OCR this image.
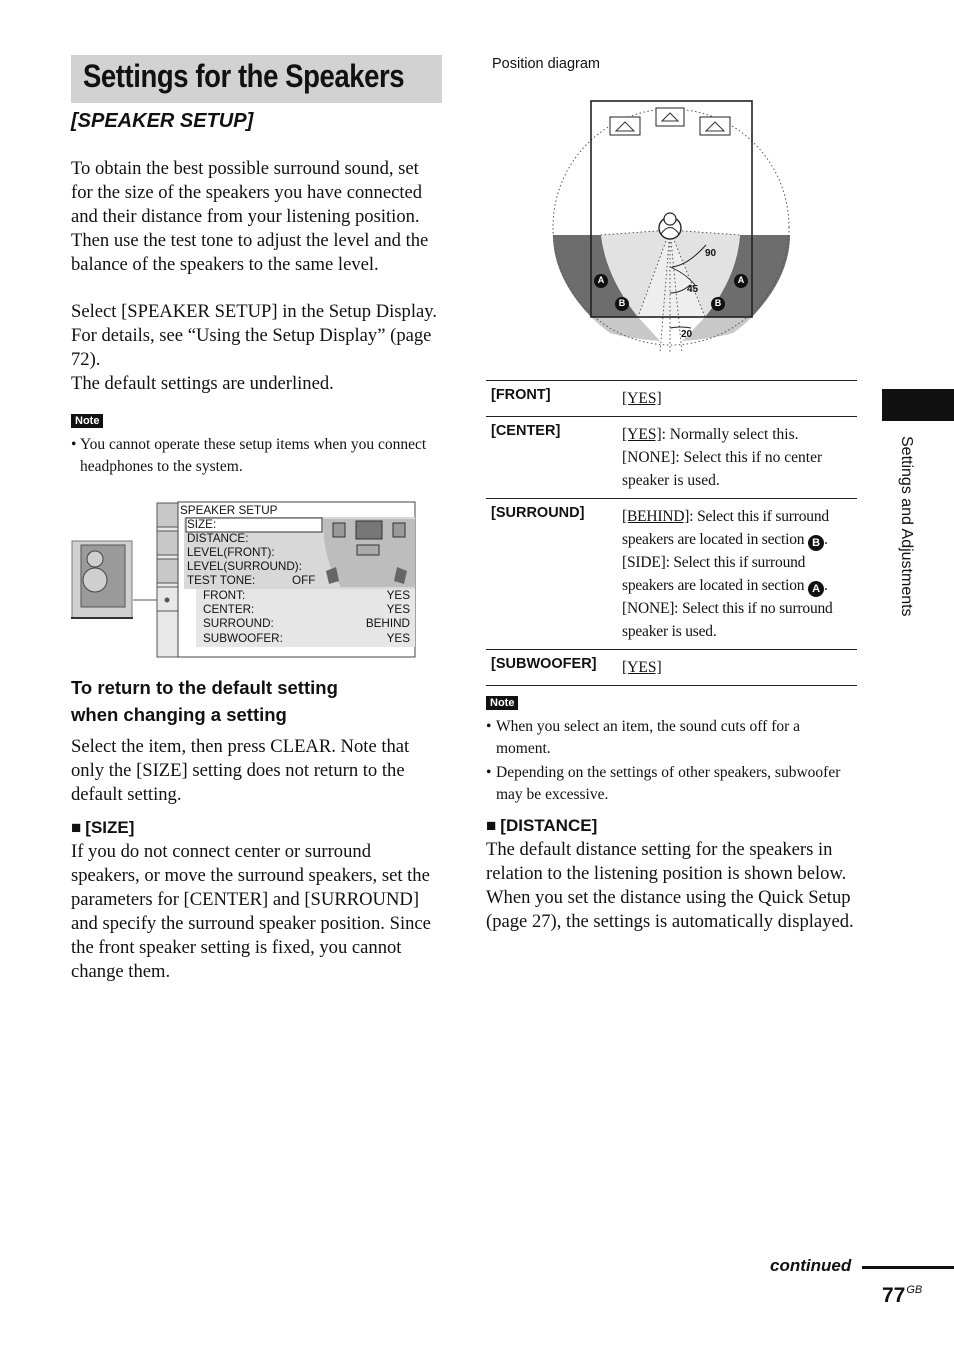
Settings for the Speakers
[SPEAKER SETUP]
To obtain the best possible surround sound, set for the size of the speakers you have connected and their distance from your listening position. Then use the test tone to adjust the level and the balance of the speakers to the same level.
Select [SPEAKER SETUP] in the Setup Display. For details, see “Using the Setup Display” (page 72).
The default settings are underlined.
Note
• You cannot operate these setup items when you connect headphones to the system.
SPEAKER SETUP
SIZE:
DISTANCE:
LEVEL(FRONT):
LEVEL(SURROUND):
TEST TONE:	OFF
FRONT:	YES
CENTER:	YES
SURROUND:	BEHIND
SUBWOOFER:	YES
To return to the default setting
when changing a setting
Select the item, then press CLEAR. Note that only the [SIZE] setting does not return to the default setting.
■ [SIZE]
If you do not connect center or surround speakers, or move the surround speakers, set the parameters for [CENTER] and [SURROUND] and specify the surround speaker position. Since the front speaker setting is fixed, you cannot change them.
Position diagram
A	A
B	B
90
45
20
[FRONT]	[YES]
[CENTER]	[YES]: Normally select this.
[NONE]: Select this if no center speaker is used.
[SURROUND] [BEHIND]: Select this if surround speakers are located in section B .
[SIDE]: Select this if surround speakers are located in section A .
[NONE]: Select this if no surround speaker is used.
[SUBWOOFER] [YES]
Note
• When you select an item, the sound cuts off for a moment.
• Depending on the settings of other speakers, subwoofer may be excessive.
■ [DISTANCE]
The default distance setting for the speakers in relation to the listening position is shown below. When you set the distance using the Quick Setup (page 27), the settings is automatically displayed.
Settings and Adjustments
continued
$77^{GB}$
